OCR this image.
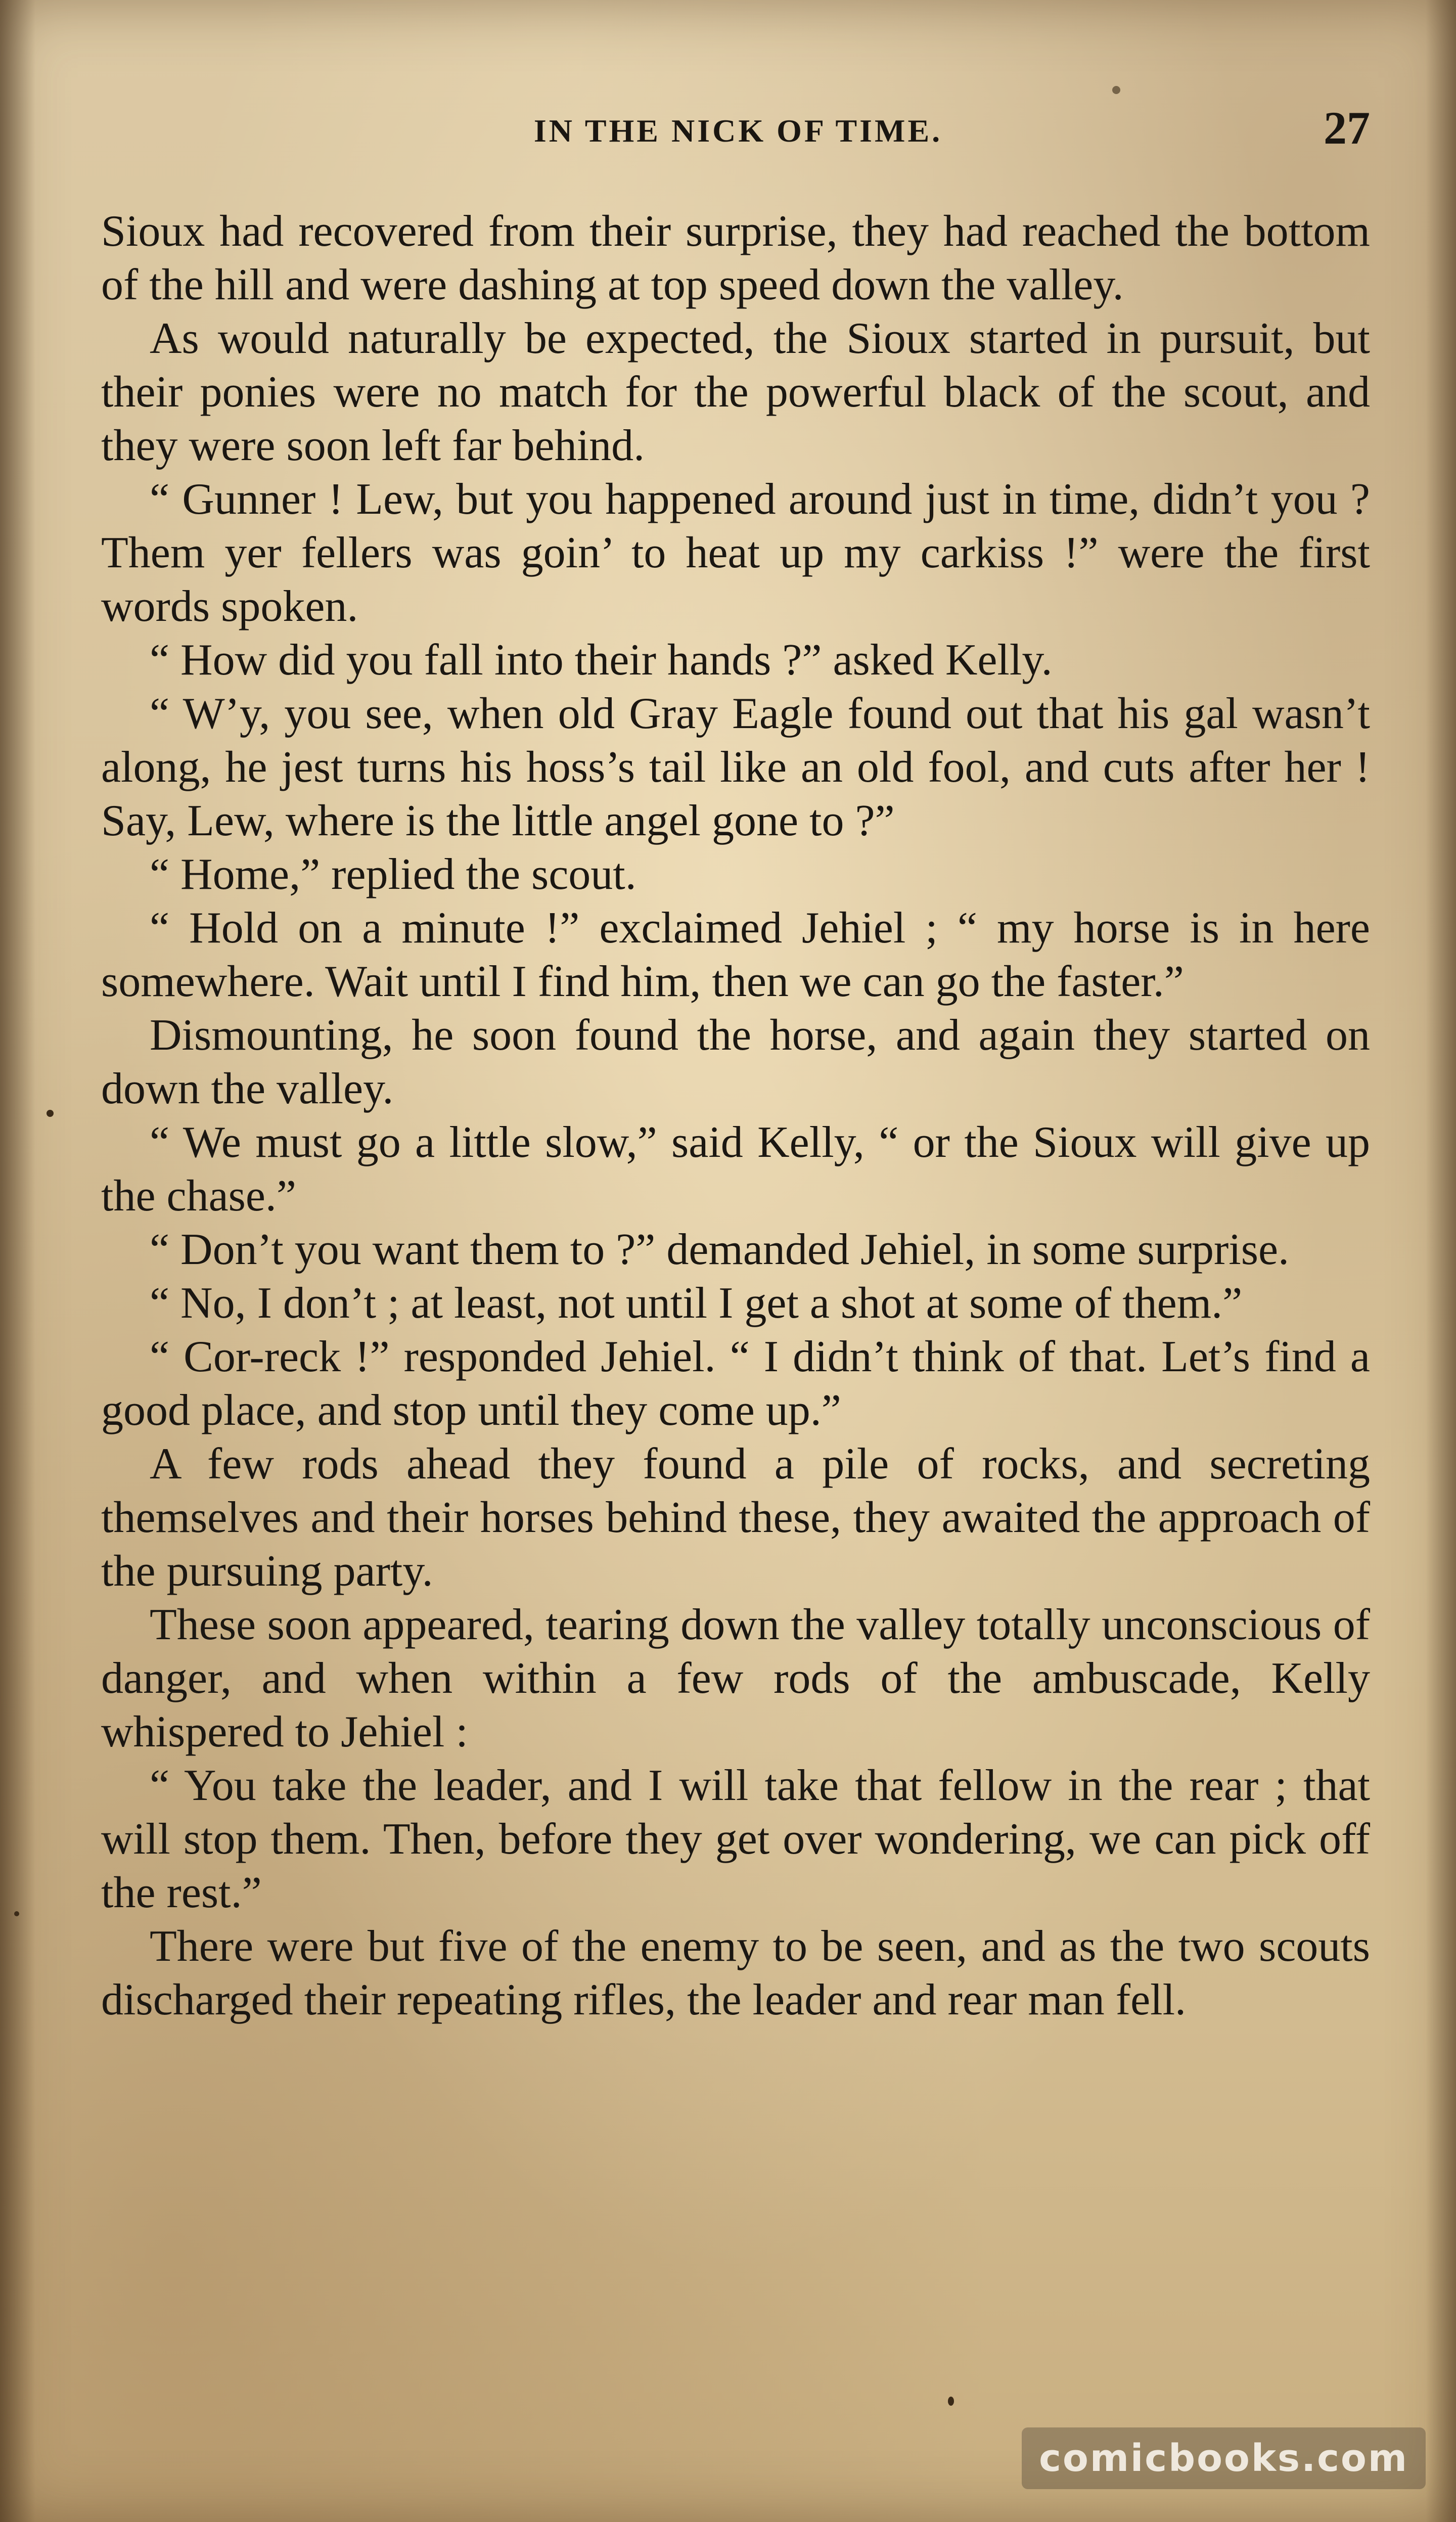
IN THE NICK OF TIME.	27

Sioux had recovered from their surprise, they had reached the bottom of the hill and were dashing at top speed down the valley.

As would naturally be expected, the Sioux started in pursuit, but their ponies were no match for the powerful black of the scout, and they were soon left far behind.

“ Gunner ! Lew, but you happened around just in time, didn’t you ? Them yer fellers was goin’ to heat up my carkiss !” were the first words spoken.

“ How did you fall into their hands ?” asked Kelly.

“ W’y, you see, when old Gray Eagle found out that his gal wasn’t along, he jest turns his hoss’s tail like an old fool, and cuts after her ! Say, Lew, where is the little angel gone to ?”

“ Home,” replied the scout.

“ Hold on a minute !” exclaimed Jehiel ; “ my horse is in here somewhere. Wait until I find him, then we can go the faster.”

Dismounting, he soon found the horse, and again they started on down the valley.

“ We must go a little slow,” said Kelly, “ or the Sioux will give up the chase.”

“ Don’t you want them to ?” demanded Jehiel, in some surprise.

“ No, I don’t ; at least, not until I get a shot at some of them.”

“ Cor-reck !” responded Jehiel. “ I didn’t think of that. Let’s find a good place, and stop until they come up.”

A few rods ahead they found a pile of rocks, and secreting themselves and their horses behind these, they awaited the approach of the pursuing party.

These soon appeared, tearing down the valley totally unconscious of danger, and when within a few rods of the ambuscade, Kelly whispered to Jehiel :

“ You take the leader, and I will take that fellow in the rear ; that will stop them. Then, before they get over wondering, we can pick off the rest.”

There were but five of the enemy to be seen, and as the two scouts discharged their repeating rifles, the leader and rear man fell.

comicbooks.com
